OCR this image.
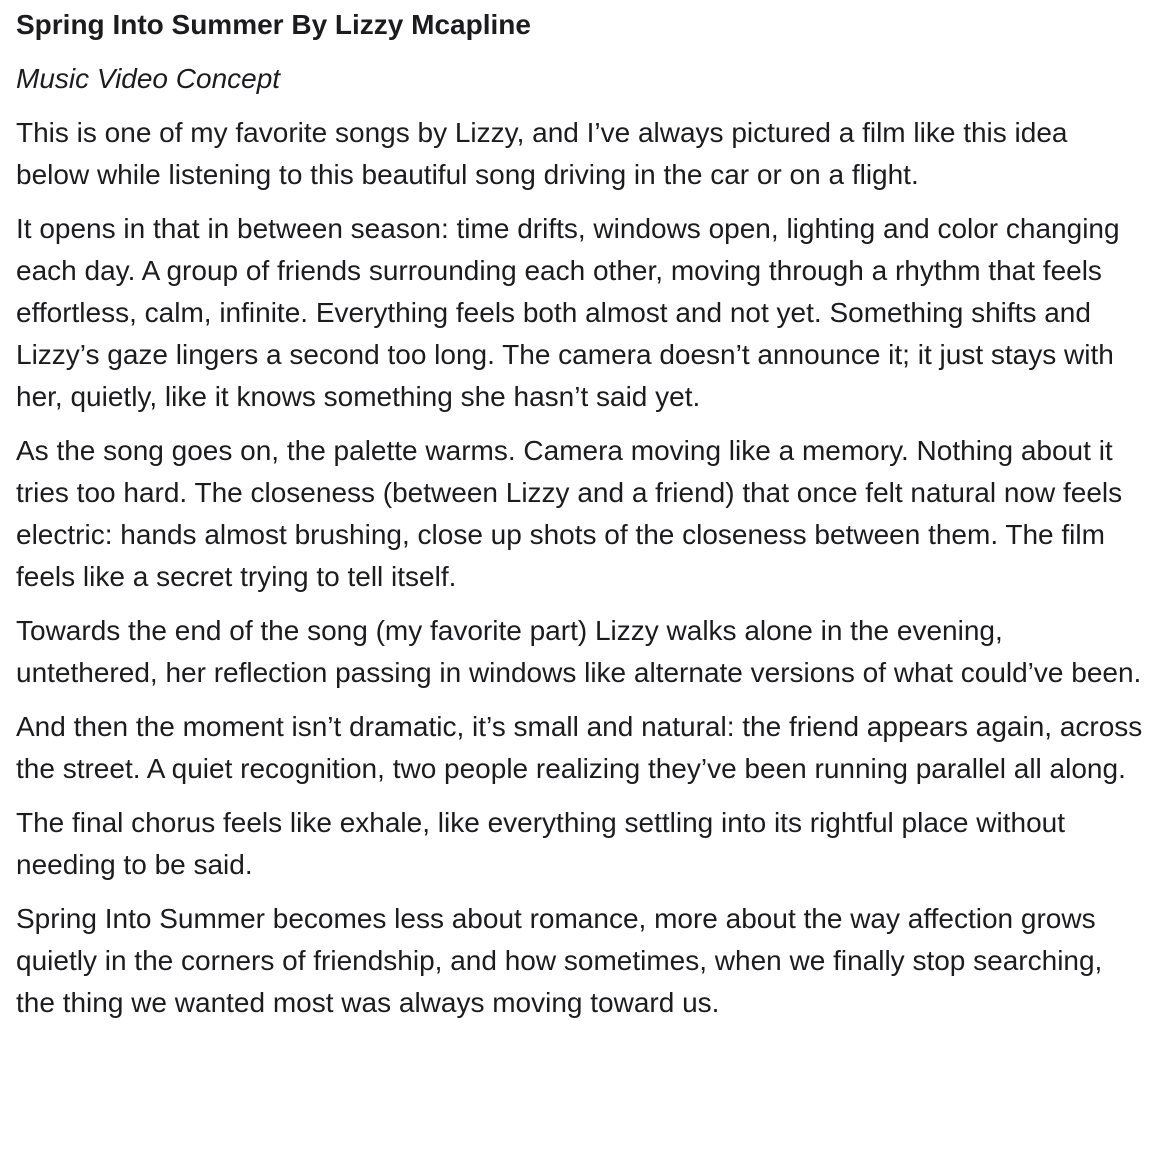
Spring Into Summer By Lizzy Mcapline
Music Video Concept

This is one of my favorite songs by Lizzy, and I’ve always pictured a film like this idea below while listening to this beautiful song driving in the car or on a flight.

It opens in that in between season: time drifts, windows open, lighting and color changing each day. A group of friends surrounding each other, moving through a rhythm that feels effortless, calm, infinite. Everything feels both almost and not yet. Something shifts and Lizzy’s gaze lingers a second too long. The camera doesn’t announce it; it just stays with her, quietly, like it knows something she hasn’t said yet.

As the song goes on, the palette warms. Camera moving like a memory. Nothing about it tries too hard. The closeness (between Lizzy and a friend) that once felt natural now feels electric: hands almost brushing, close up shots of the closeness between them. The film feels like a secret trying to tell itself.

Towards the end of the song (my favorite part) Lizzy walks alone in the evening, untethered, her reflection passing in windows like alternate versions of what could’ve been.

And then the moment isn’t dramatic, it’s small and natural: the friend appears again, across the street. A quiet recognition, two people realizing they’ve been running parallel all along.

The final chorus feels like exhale, like everything settling into its rightful place without needing to be said.

Spring Into Summer becomes less about romance, more about the way affection grows quietly in the corners of friendship, and how sometimes, when we finally stop searching, the thing we wanted most was always moving toward us.
